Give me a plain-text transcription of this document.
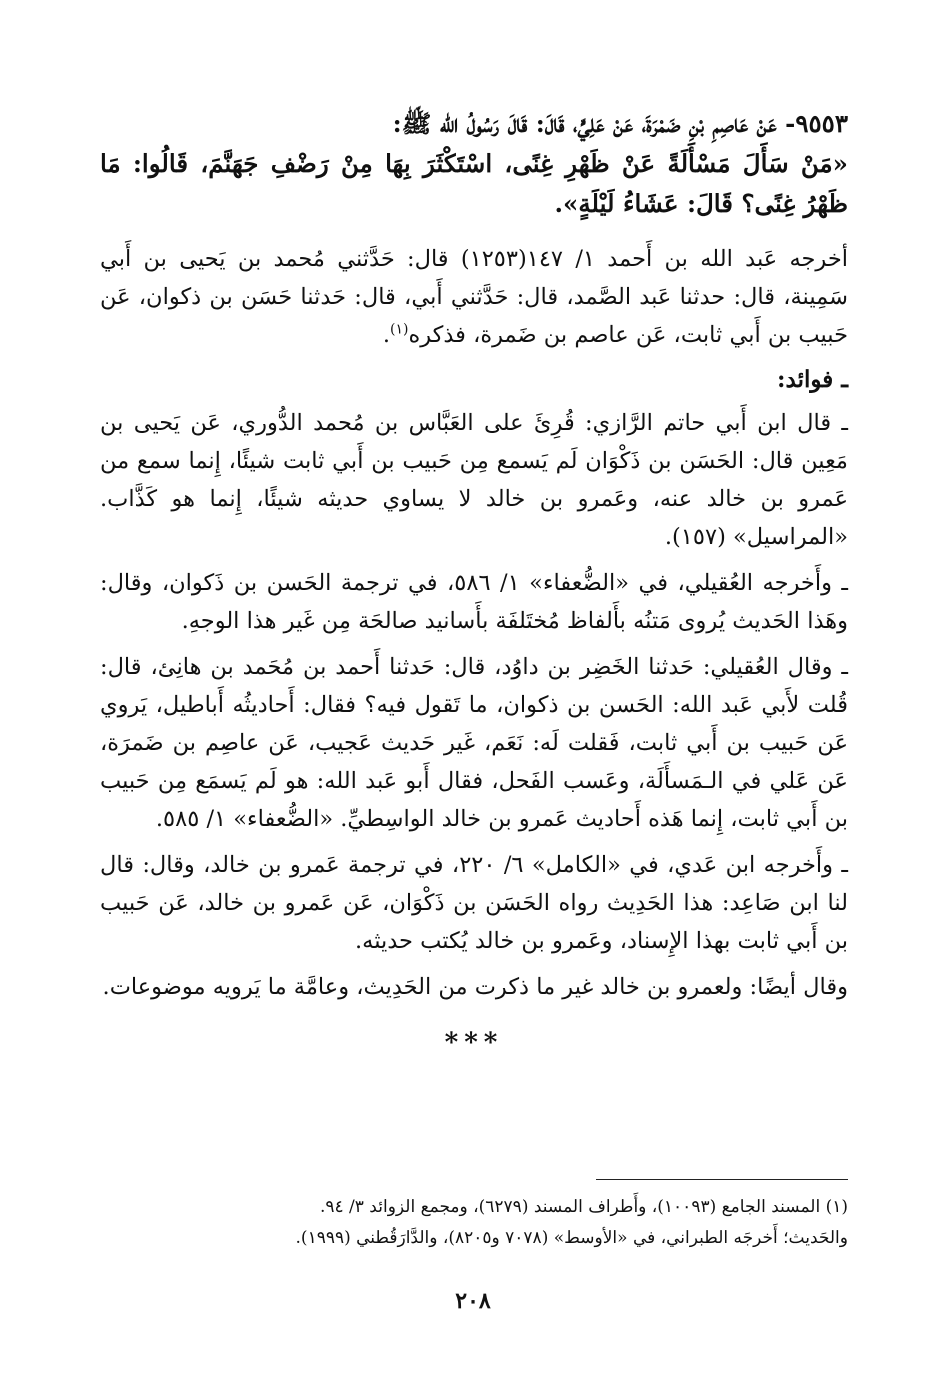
٩٥٥٣- عَنْ عَاصِمِ بْنِ ضَمْرَةَ، عَنْ عَلِيٍّ، قَالَ: قَالَ رَسُولُ الله ﷺ:
«مَنْ سَأَلَ مَسْأَلَةً عَنْ ظَهْرِ غِنًى، اسْتَكْثَرَ بِهَا مِنْ رَضْفِ جَهَنَّمَ، قَالُوا: مَا ظَهْرُ غِنًى؟ قَالَ: عَشَاءُ لَيْلَةٍ».

أخرجه عَبد الله بن أَحمد ١/ ١٤٧(١٢٥٣) قال: حَدَّثني مُحمد بن يَحيى بن أَبي سَمِينة، قال: حدثنا عَبد الصَّمد، قال: حَدَّثني أَبي، قال: حَدثنا حَسَن بن ذكوان، عَن حَبيب بن أَبي ثابت، عَن عاصم بن ضَمرة، فذكره$^{(١)}$.

ـ فوائد:

ـ قال ابن أَبي حاتم الرَّازي: قُرِئَ على العَبَّاس بن مُحمد الدُّوري، عَن يَحيى بن مَعِين قال: الحَسَن بن ذَكْوَان لَم يَسمع مِن حَبيب بن أَبي ثابت شيئًا، إِنما سمع من عَمرو بن خالد عنه، وعَمرو بن خالد لا يساوي حديثه شيئًا، إِنما هو كَذَّاب. «المراسيل» (١٥٧).

ـ وأَخرجه العُقيلي، في «الضُّعفاء» ١/ ٥٨٦، في ترجمة الحَسن بن ذَكوان، وقال: وهَذا الحَديث يُروى مَتنُه بأَلفاظ مُختَلفَة بأَسانيد صالحَة مِن غَير هذا الوجهِ.

ـ وقال العُقيلي: حَدثنا الخَضِر بن داوُد، قال: حَدثنا أَحمد بن مُحَمد بن هانِئ، قال: قُلت لأَبي عَبد الله: الحَسن بن ذكوان، ما تَقول فيه؟ فقال: أَحاديثُه أَباطيل، يَروي عَن حَبيب بن أَبي ثابت، فَقلت لَه: نَعَم، غَير حَديث عَجيب، عَن عاصِم بن ضَمرَة، عَن عَلي في الـمَسأَلَة، وعَسب الفَحل، فقال أَبو عَبد الله: هو لَم يَسمَع مِن حَبيب بن أَبي ثابت، إِنما هَذه أَحاديث عَمرو بن خالد الواسِطيِّ. «الضُّعفاء» ١/ ٥٨٥.

ـ وأَخرجه ابن عَدي، في «الكامل» ٦/ ٢٢٠، في ترجمة عَمرو بن خالد، وقال: قال لنا ابن صَاعِد: هذا الحَدِيث رواه الحَسَن بن ذَكْوَان، عَن عَمرو بن خالد، عَن حَبيب بن أَبي ثابت بهذا الإِسناد، وعَمرو بن خالد يُكتب حديثه.

وقال أيضًا: ولعمرو بن خالد غير ما ذكرت من الحَدِيث، وعامَّة ما يَرويه موضوعات.

***

(١) المسند الجامع (١٠٠٩٣)، وأَطراف المسند (٦٢٧٩)، ومجمع الزوائد ٣/ ٩٤.

والحَديث؛ أَخرجَه الطبراني، في «الأوسط» (٧٠٧٨ و٨٢٠٥)، والدَّارَقُطني (١٩٩٩).

٢٠٨
